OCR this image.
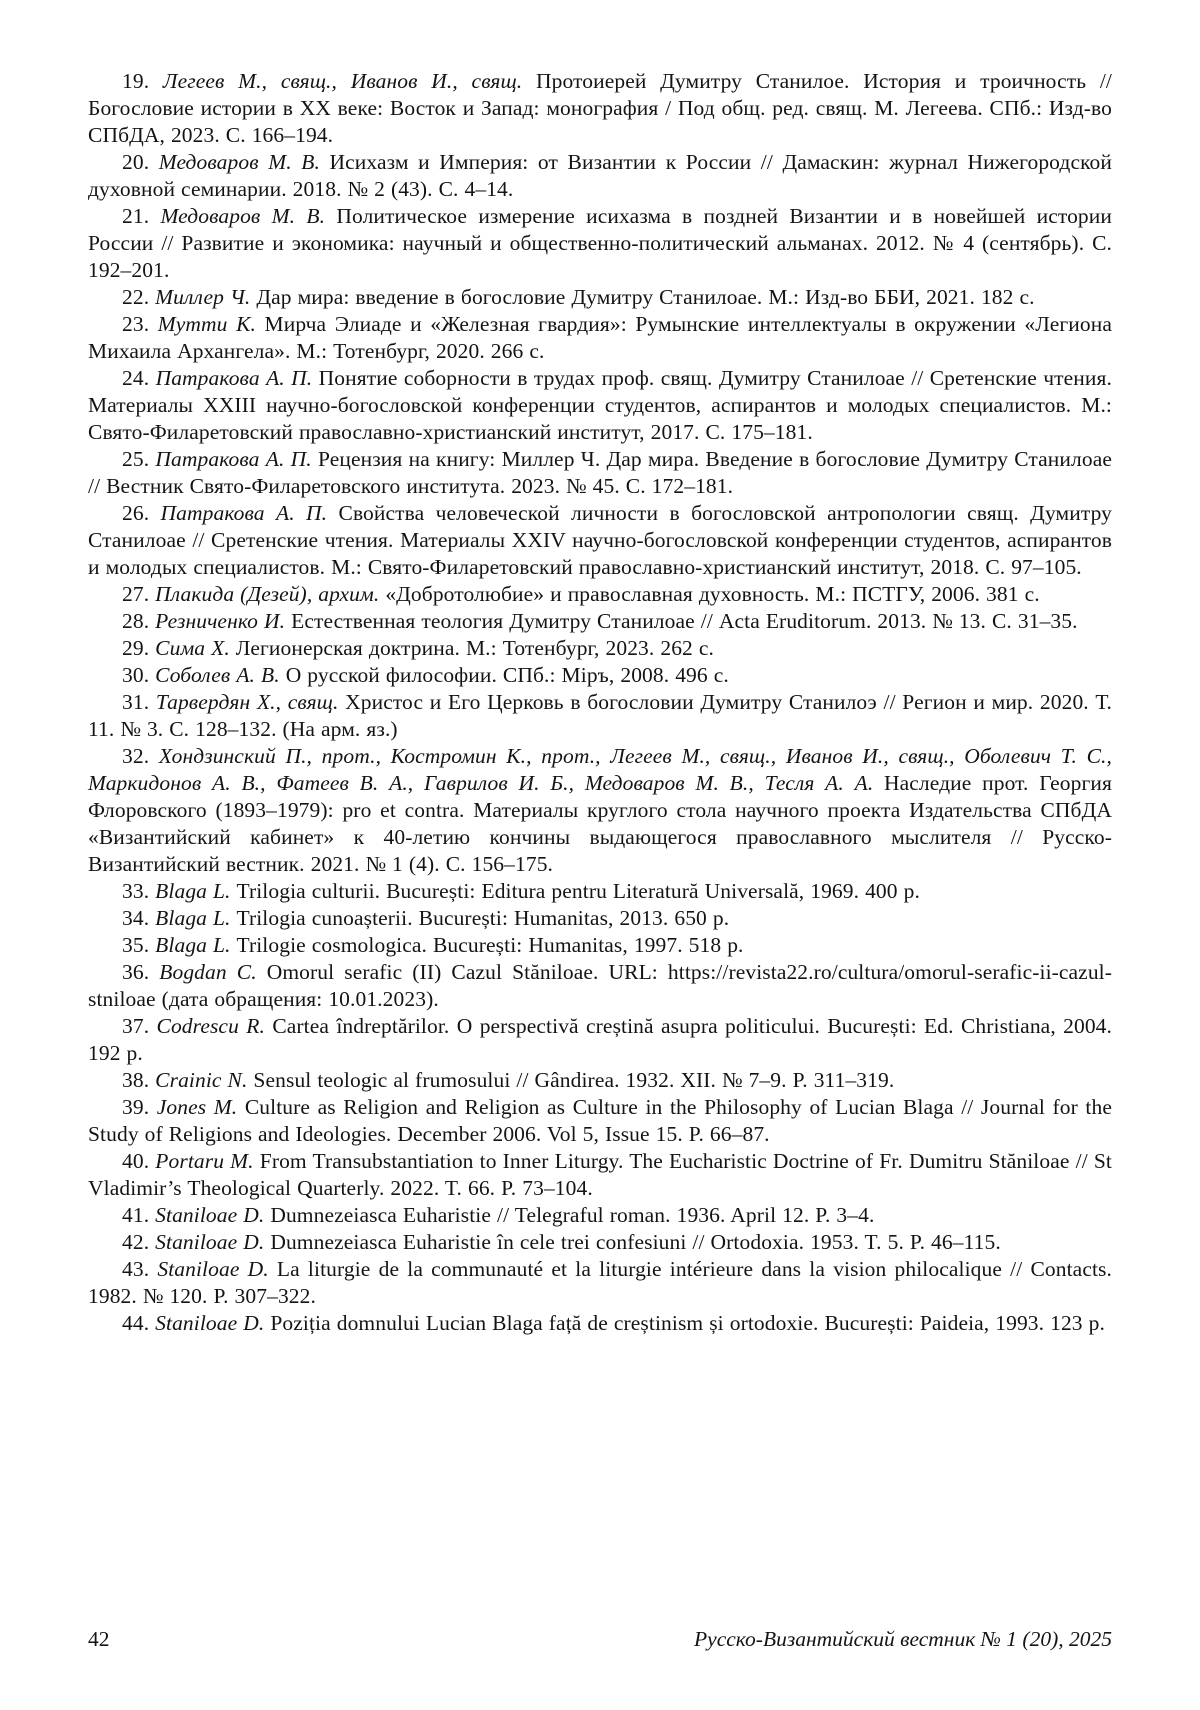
19. Легеев М., свящ., Иванов И., свящ. Протоиерей Думитру Станилое. История и троичность // Богословие истории в XX веке: Восток и Запад: монография / Под общ. ред. свящ. М. Легеева. СПб.: Изд-во СПбДА, 2023. С. 166–194.

20. Медоваров М. В. Исихазм и Империя: от Византии к России // Дамаскин: журнал Нижегородской духовной семинарии. 2018. № 2 (43). С. 4–14.

21. Медоваров М. В. Политическое измерение исихазма в поздней Византии и в новейшей истории России // Развитие и экономика: научный и общественно-политический альманах. 2012. № 4 (сентябрь). С. 192–201.

22. Миллер Ч. Дар мира: введение в богословие Думитру Станилоае. М.: Изд-во ББИ, 2021. 182 с.

23. Мутти К. Мирча Элиаде и «Железная гвардия»: Румынские интеллектуалы в окружении «Легиона Михаила Архангела». М.: Тотенбург, 2020. 266 с.

24. Патракова А. П. Понятие соборности в трудах проф. свящ. Думитру Станилоае // Сретенские чтения. Материалы XXIII научно-богословской конференции студентов, аспирантов и молодых специалистов. М.: Свято-Филаретовский православно-христианский институт, 2017. С. 175–181.

25. Патракова А. П. Рецензия на книгу: Миллер Ч. Дар мира. Введение в богословие Думитру Станилоае // Вестник Свято-Филаретовского института. 2023. № 45. С. 172–181.

26. Патракова А. П. Свойства человеческой личности в богословской антропологии свящ. Думитру Станилоае // Сретенские чтения. Материалы XXIV научно-богословской конференции студентов, аспирантов и молодых специалистов. М.: Свято-Филаретовский православно-христианский институт, 2018. С. 97–105.

27. Плакида (Дезей), архим. «Добротолюбие» и православная духовность. М.: ПСТГУ, 2006. 381 с.

28. Резниченко И. Естественная теология Думитру Станилоае // Acta Eruditorum. 2013. № 13. С. 31–35.

29. Сима Х. Легионерская доктрина. М.: Тотенбург, 2023. 262 с.

30. Соболев А. В. О русской философии. СПб.: Міръ, 2008. 496 с.

31. Тарвердян Х., свящ. Христос и Его Церковь в богословии Думитру Станилоэ // Регион и мир. 2020. Т. 11. № 3. С. 128–132. (На арм. яз.)

32. Хондзинский П., прот., Костромин К., прот., Легеев М., свящ., Иванов И., свящ., Оболевич Т. С., Маркидонов А. В., Фатеев В. А., Гаврилов И. Б., Медоваров М. В., Тесля А. А. Наследие прот. Георгия Флоровского (1893–1979): pro et contra. Материалы круглого стола научного проекта Издательства СПбДА «Византийский кабинет» к 40-летию кончины выдающегося православного мыслителя // Русско-Византийский вестник. 2021. № 1 (4). С. 156–175.

33. Blaga L. Trilogia culturii. București: Editura pentru Literatură Universală, 1969. 400 p.

34. Blaga L. Trilogia cunoașterii. București: Humanitas, 2013. 650 p.

35. Blaga L. Trilogie cosmologica. București: Humanitas, 1997. 518 p.

36. Bogdan C. Omorul serafic (II) Cazul Stăniloae. URL: https://revista22.ro/cultura/omorul-serafic-ii-cazul-stniloae (дата обращения: 10.01.2023).

37. Codrescu R. Cartea îndreptărilor. O perspectivă creștină asupra politicului. București: Ed. Christiana, 2004. 192 p.

38. Crainic N. Sensul teologic al frumosului // Gândirea. 1932. XII. № 7–9. P. 311–319.

39. Jones M. Culture as Religion and Religion as Culture in the Philosophy of Lucian Blaga // Journal for the Study of Religions and Ideologies. December 2006. Vol 5, Issue 15. P. 66–87.

40. Portaru M. From Transubstantiation to Inner Liturgy. The Eucharistic Doctrine of Fr. Dumitru Stăniloae // St Vladimir’s Theological Quarterly. 2022. T. 66. P. 73–104.

41. Staniloae D. Dumnezeiasca Euharistie // Telegraful roman. 1936. April 12. P. 3–4.

42. Staniloae D. Dumnezeiasca Euharistie în cele trei confesiuni // Ortodoxia. 1953. T. 5. P. 46–115.

43. Staniloae D. La liturgie de la communauté et la liturgie intérieure dans la vision philocalique // Contacts. 1982. № 120. P. 307–322.

44. Staniloae D. Poziția domnului Lucian Blaga față de creștinism și ortodoxie. București: Paideia, 1993. 123 p.

42	Русско-Византийский вестник № 1 (20), 2025
